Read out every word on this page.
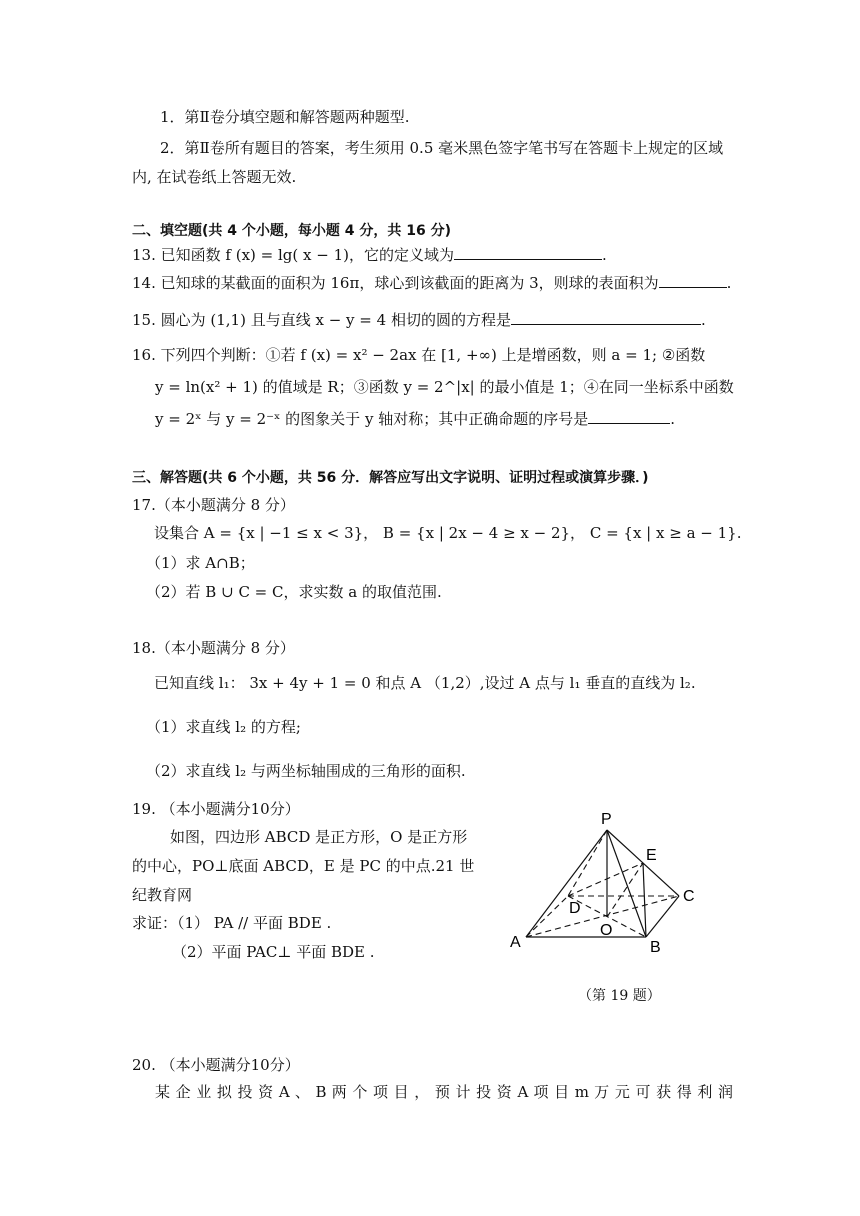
1．第Ⅱ卷分填空题和解答题两种题型.
2．第Ⅱ卷所有题目的答案，考生须用 0.5 毫米黑色签字笔书写在答题卡上规定的区域
内, 在试卷纸上答题无效.
二、填空题(共 4 个小题，每小题 4 分，共 16 分)
13. 已知函数 f (x) = lg( x − 1)，它的定义域为	.
14. 已知球的某截面的面积为 16π，球心到该截面的距离为 3，则球的表面积为	.
15. 圆心为 (1,1) 且与直线 x − y = 4 相切的圆的方程是	.
16. 下列四个判断：①若 f (x) = x² − 2ax 在 [1, +∞) 上是增函数，则 a = 1; ②函数
y = ln(x² + 1) 的值域是 R；③函数 y = 2^|x| 的最小值是 1；④在同一坐标系中函数
y = 2ˣ 与 y = 2⁻ˣ 的图象关于 y 轴对称；其中正确命题的序号是	.
三、解答题(共 6 个小题，共 56 分．解答应写出文字说明、证明过程或演算步骤．)
17.（本小题满分 8 分）
设集合 A = {x | −1 ≤ x < 3}， B = {x | 2x − 4 ≥ x − 2}， C = {x | x ≥ a − 1}.
（1）求 A∩B；
（2）若 B ∪ C = C，求实数 a 的取值范围.
18.（本小题满分 8 分）
已知直线 l₁： 3x + 4y + 1 = 0 和点 A （1,2）,设过 A 点与 l₁ 垂直的直线为 l₂.
（1）求直线 l₂ 的方程;
（2）求直线 l₂ 与两坐标轴围成的三角形的面积.
19. （本小题满分10分）
如图，四边形 ABCD 是正方形，O 是正方形
的中心，PO⊥底面 ABCD，E 是 PC 的中点.21 世
纪教育网
求证：（1） PA // 平面 BDE .
（2）平面 PAC⊥ 平面 BDE .
P
E
D
C
O
A	B
（第 19 题）
20. （本小题满分10分）
某 企 业 拟 投 资 A 、 B 两 个 项 目 ， 预 计 投 资 A 项 目 m 万 元 可 获 得 利 润
